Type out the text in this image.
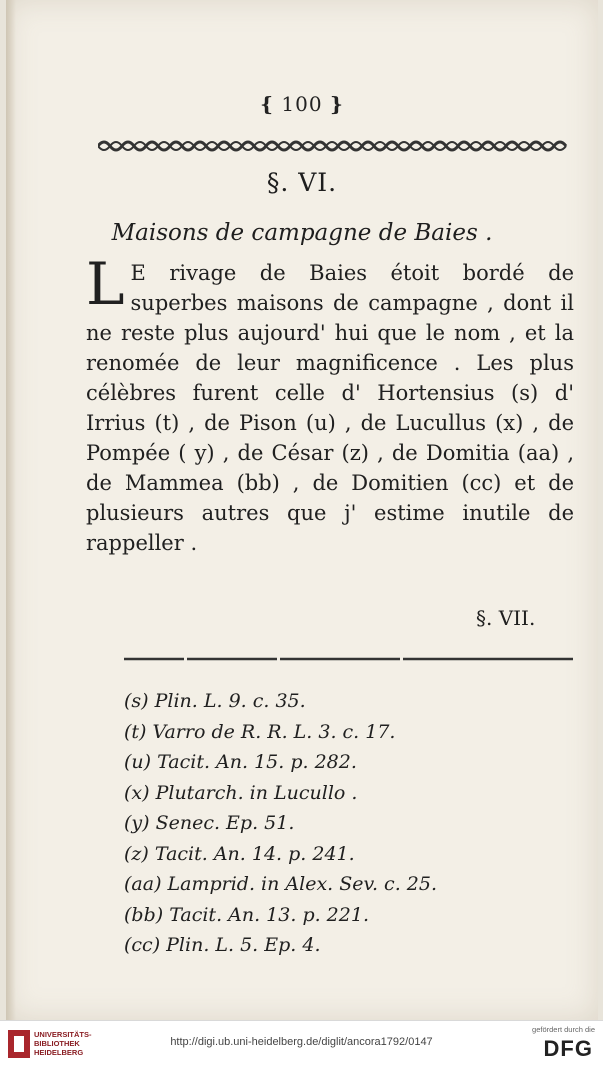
{ 100 }
§. VI.
Maisons de campagne de Baies .
L E rivage de Baies étoit bordé de superbes maisons de campagne , dont il ne reste plus aujourd' hui que le nom , et la renomée de leur magnificence . Les plus célèbres furent celle d' Hortensius (s) d' Irrius (t) , de Pison (u) , de Lucullus (x) , de Pompée ( y) , de César (z) , de Domitia (aa) , de Mammea (bb) , de Domitien (cc) et de plusieurs autres que j' estime inutile de rappeller .
§. VII.
(s) Plin. L. 9. c. 35.
(t) Varro de R. R. L. 3. c. 17.
(u) Tacit. An. 15. p. 282.
(x) Plutarch. in Lucullo .
(y) Senec. Ep. 51.
(z) Tacit. An. 14. p. 241.
(aa) Lamprid. in Alex. Sev. c. 25.
(bb) Tacit. An. 13. p. 221.
(cc) Plin. L. 5. Ep. 4.
UNIVERSITÄTS-
BIBLIOTHEK
HEIDELBERG
http://digi.ub.uni-heidelberg.de/diglit/ancora1792/0147
gefördert durch die
DFG
